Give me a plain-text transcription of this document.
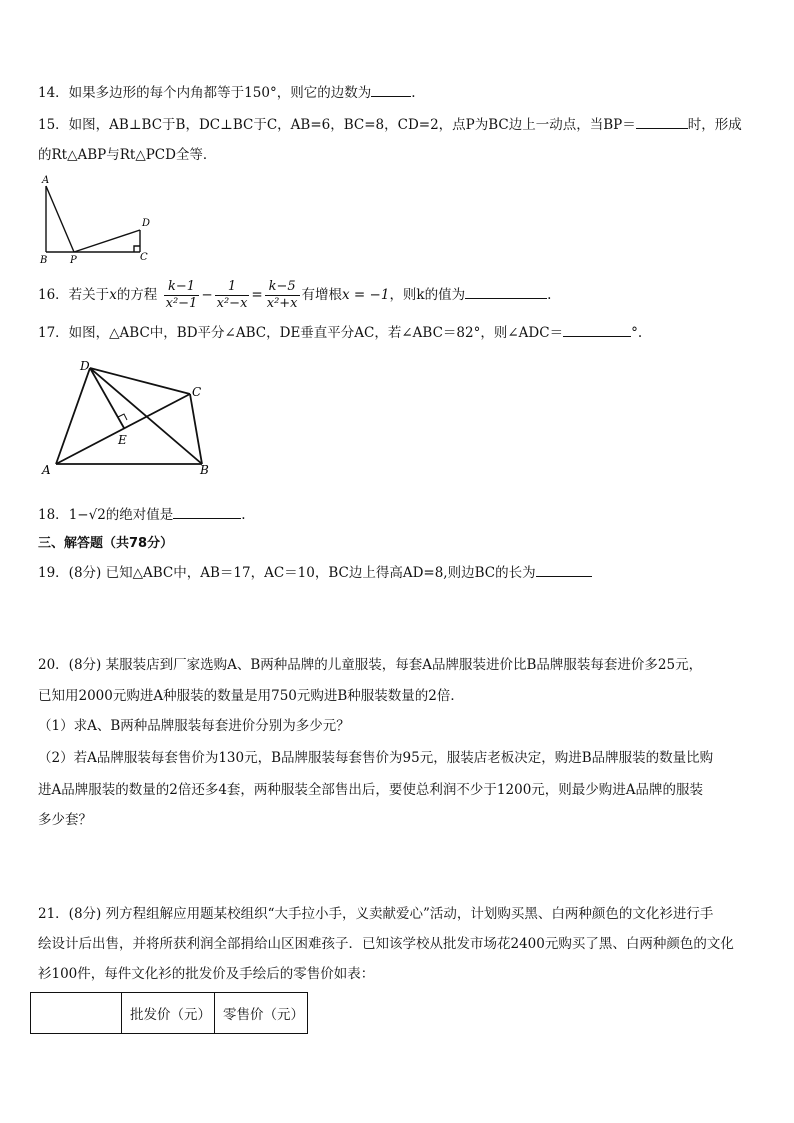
14．如果多边形的每个内角都等于150°，则它的边数为	.
15．如图，AB⊥BC于B，DC⊥BC于C，AB=6，BC=8，CD=2，点P为BC边上一动点，当BP＝	时，形成
的Rt△ABP与Rt△PCD全等．
A
B P	C
D
16．若关于x的方程 $\frac{k-1}{\text{x²−1}} - \frac{1}{\text{x²−x}} = \frac{k-5}{\text{x²+x}}$ 有增根x = −1，则k的值为	.
17．如图，△ABC中，BD平分∠ABC，DE垂直平分AC，若∠ABC＝82°，则∠ADC＝	°.
D
C
E
A	B
18．1−√2的绝对值是	.
三、解答题（共78分）
19．(8分) 已知△ABC中，AB＝17，AC＝10，BC边上得高AD=8,则边BC的长为
20．(8分) 某服装店到厂家选购A、B两种品牌的儿童服装，每套A品牌服装进价比B品牌服装每套进价多25元，
已知用2000元购进A种服装的数量是用750元购进B种服装数量的2倍．
（1）求A、B两种品牌服装每套进价分别为多少元？
（2）若A品牌服装每套售价为130元，B品牌服装每套售价为95元，服装店老板决定，购进B品牌服装的数量比购
进A品牌服装的数量的2倍还多4套，两种服装全部售出后，要使总利润不少于1200元，则最少购进A品牌的服装
多少套？
21．(8分) 列方程组解应用题某校组织“大手拉小手，义卖献爱心”活动，计划购买黑、白两种颜色的文化衫进行手
绘设计后出售，并将所获利润全部捐给山区困难孩子．已知该学校从批发市场花2400元购买了黑、白两种颜色的文化
衫100件，每件文化衫的批发价及手绘后的零售价如表：
	批发价（元）	零售价（元）
